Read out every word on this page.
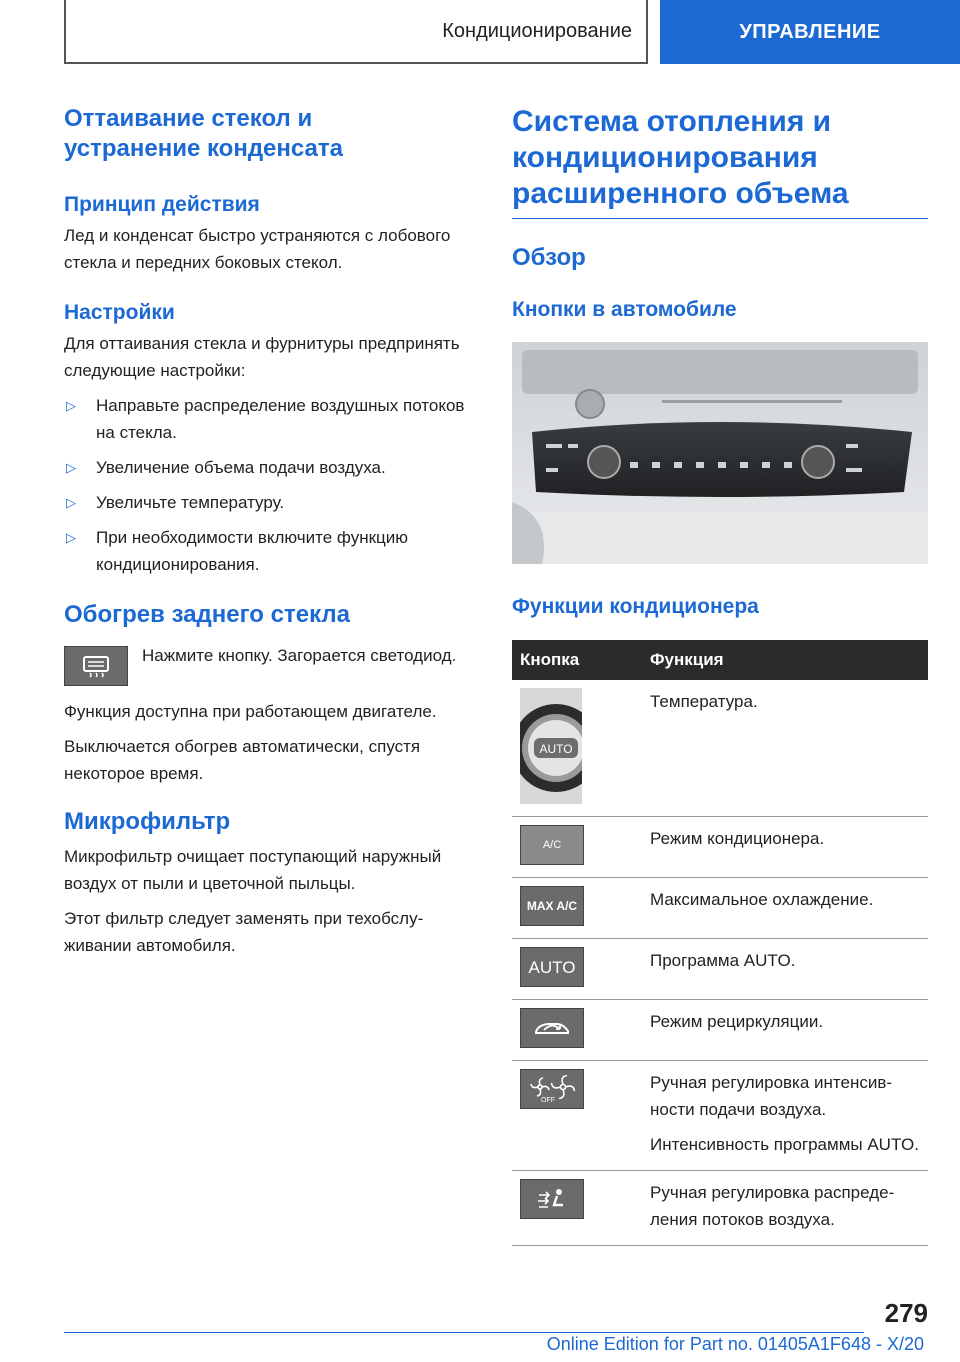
Кондиционирование	УПРАВЛЕНИЕ
Оттаивание стекол и устранение конденсата
Принцип действия

Лед и конденсат быстро устраняются с лобового стекла и передних боковых стекол.

Настройки

Для оттаивания стекла и фурнитуры предпринять следующие настройки:

▷	Направьте распределение воздушных потоков на стекла.
▷	Увеличение объема подачи воздуха.
▷	Увеличьте температуру.
▷	При необходимости включите функцию кондиционирования.
Обогрев заднего стекла

Нажмите кнопку. Загорается светодиод.

Функция доступна при работающем двигателе.

Выключается обогрев автоматически, спустя некоторое время.

Микрофильтр

Микрофильтр очищает поступающий наружный воздух от пыли и цветочной пыльцы.

Этот фильтр следует заменять при техобслуживании автомобиля.

Система отопления и кондиционирования расширенного объема
Обзор
Кнопки в автомобиле
Функции кондиционера
Кнопка	Функция

AUTO	Температура.

A/C	Режим кондиционера.

MAX A/C	Максимальное охлаждение.

AUTO	Программа AUTO.

	Режим рециркуляции.

OFF	Ручная регулировка интенсивности подачи воздуха.
Интенсивность программы AUTO.

	Ручная регулировка распределения потоков воздуха.
279
Online Edition for Part no. 01405A1F648 - X/20
